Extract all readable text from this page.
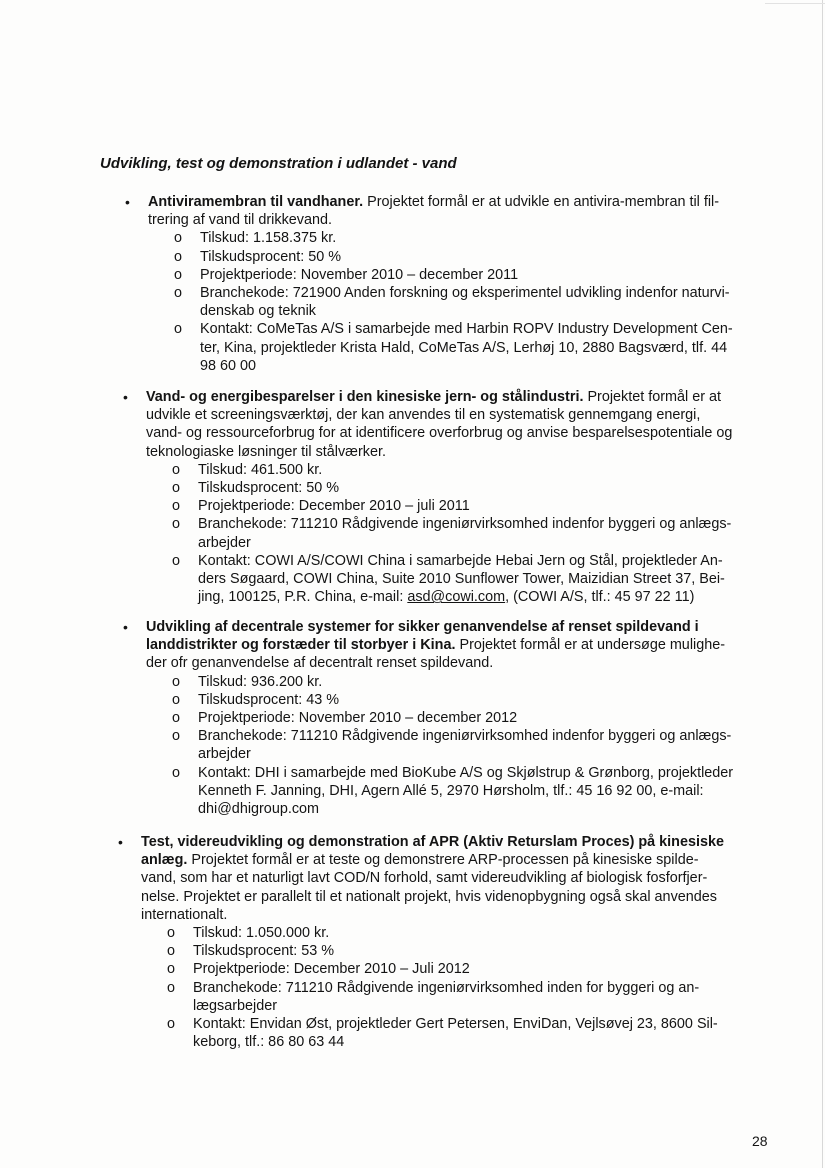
Udvikling, test og demonstration i udlandet - vand
• Antiviramembran til vandhaner. Projektet formål er at udvikle en antivira-membran til fil-
trering af vand til drikkevand.

o Tilskud: 1.158.375 kr.
o Tilskudsprocent: 50 %
o Projektperiode: November 2010 – december 2011
o Branchekode: 721900 Anden forskning og eksperimentel udvikling indenfor naturvi-
denskab og teknik
o Kontakt: CoMeTas A/S i samarbejde med Harbin ROPV Industry Development Cen-
ter, Kina, projektleder Krista Hald, CoMeTas A/S, Lerhøj 10, 2880 Bagsværd, tlf. 44
98 60 00
• Vand- og energibesparelser i den kinesiske jern- og stålindustri. Projektet formål er at
udvikle et screeningsværktøj, der kan anvendes til en systematisk gennemgang energi,
vand- og ressourceforbrug for at identificere overforbrug og anvise besparelsespotentiale og
teknologiaske løsninger til stålværker.

o Tilskud: 461.500 kr.
o Tilskudsprocent: 50 %
o Projektperiode: December 2010 – juli 2011
o Branchekode: 711210 Rådgivende ingeniørvirksomhed indenfor byggeri og anlægs-
arbejder
o Kontakt: COWI A/S/COWI China i samarbejde Hebai Jern og Stål, projektleder An-
ders Søgaard, COWI China, Suite 2010 Sunflower Tower, Maizidian Street 37, Bei-
jing, 100125, P.R. China, e-mail: asd@cowi.com, (COWI A/S, tlf.: 45 97 22 11)
• Udvikling af decentrale systemer for sikker genanvendelse af renset spildevand i
landdistrikter og forstæder til storbyer i Kina. Projektet formål er at undersøge mulighe-
der ofr genanvendelse af decentralt renset spildevand.

o Tilskud: 936.200 kr.
o Tilskudsprocent: 43 %
o Projektperiode: November 2010 – december 2012
o Branchekode: 711210 Rådgivende ingeniørvirksomhed indenfor byggeri og anlægs-
arbejder
o Kontakt: DHI i samarbejde med BioKube A/S og Skjølstrup & Grønborg, projektleder
Kenneth F. Janning, DHI, Agern Allé 5, 2970 Hørsholm, tlf.: 45 16 92 00, e-mail:
dhi@dhigroup.com
• Test, videreudvikling og demonstration af APR (Aktiv Returslam Proces) på kinesiske
anlæg. Projektet formål er at teste og demonstrere ARP-processen på kinesiske spilde-
vand, som har et naturligt lavt COD/N forhold, samt videreudvikling af biologisk fosforfjer-
nelse. Projektet er parallelt til et nationalt projekt, hvis videnopbygning også skal anvendes
internationalt.

o Tilskud: 1.050.000 kr.
o Tilskudsprocent: 53 %
o Projektperiode: December 2010 – Juli 2012
o Branchekode: 711210 Rådgivende ingeniørvirksomhed inden for byggeri og an-
lægsarbejder
o Kontakt: Envidan Øst, projektleder Gert Petersen, EnviDan, Vejlsøvej 23, 8600 Sil-
keborg, tlf.: 86 80 63 44
28
